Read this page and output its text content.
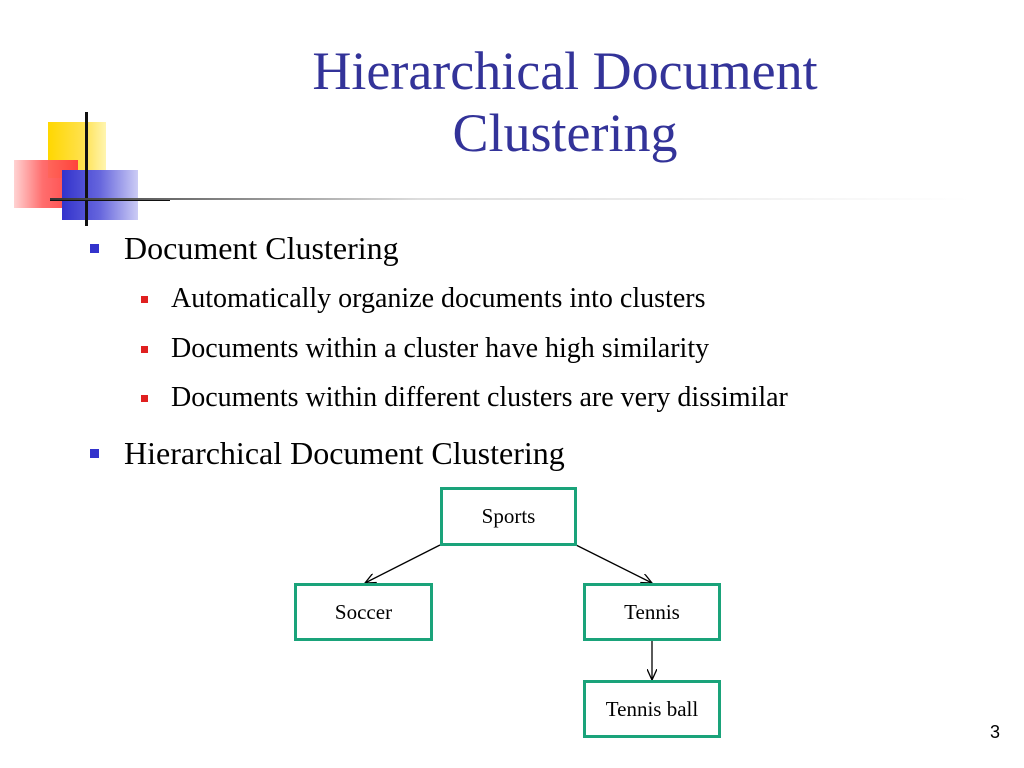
Hierarchical Document
Clustering
Document Clustering
Automatically organize documents into clusters
Documents within a cluster have high similarity
Documents within different clusters are very dissimilar
Hierarchical Document Clustering
Sports
Soccer	Tennis
Tennis ball
3
